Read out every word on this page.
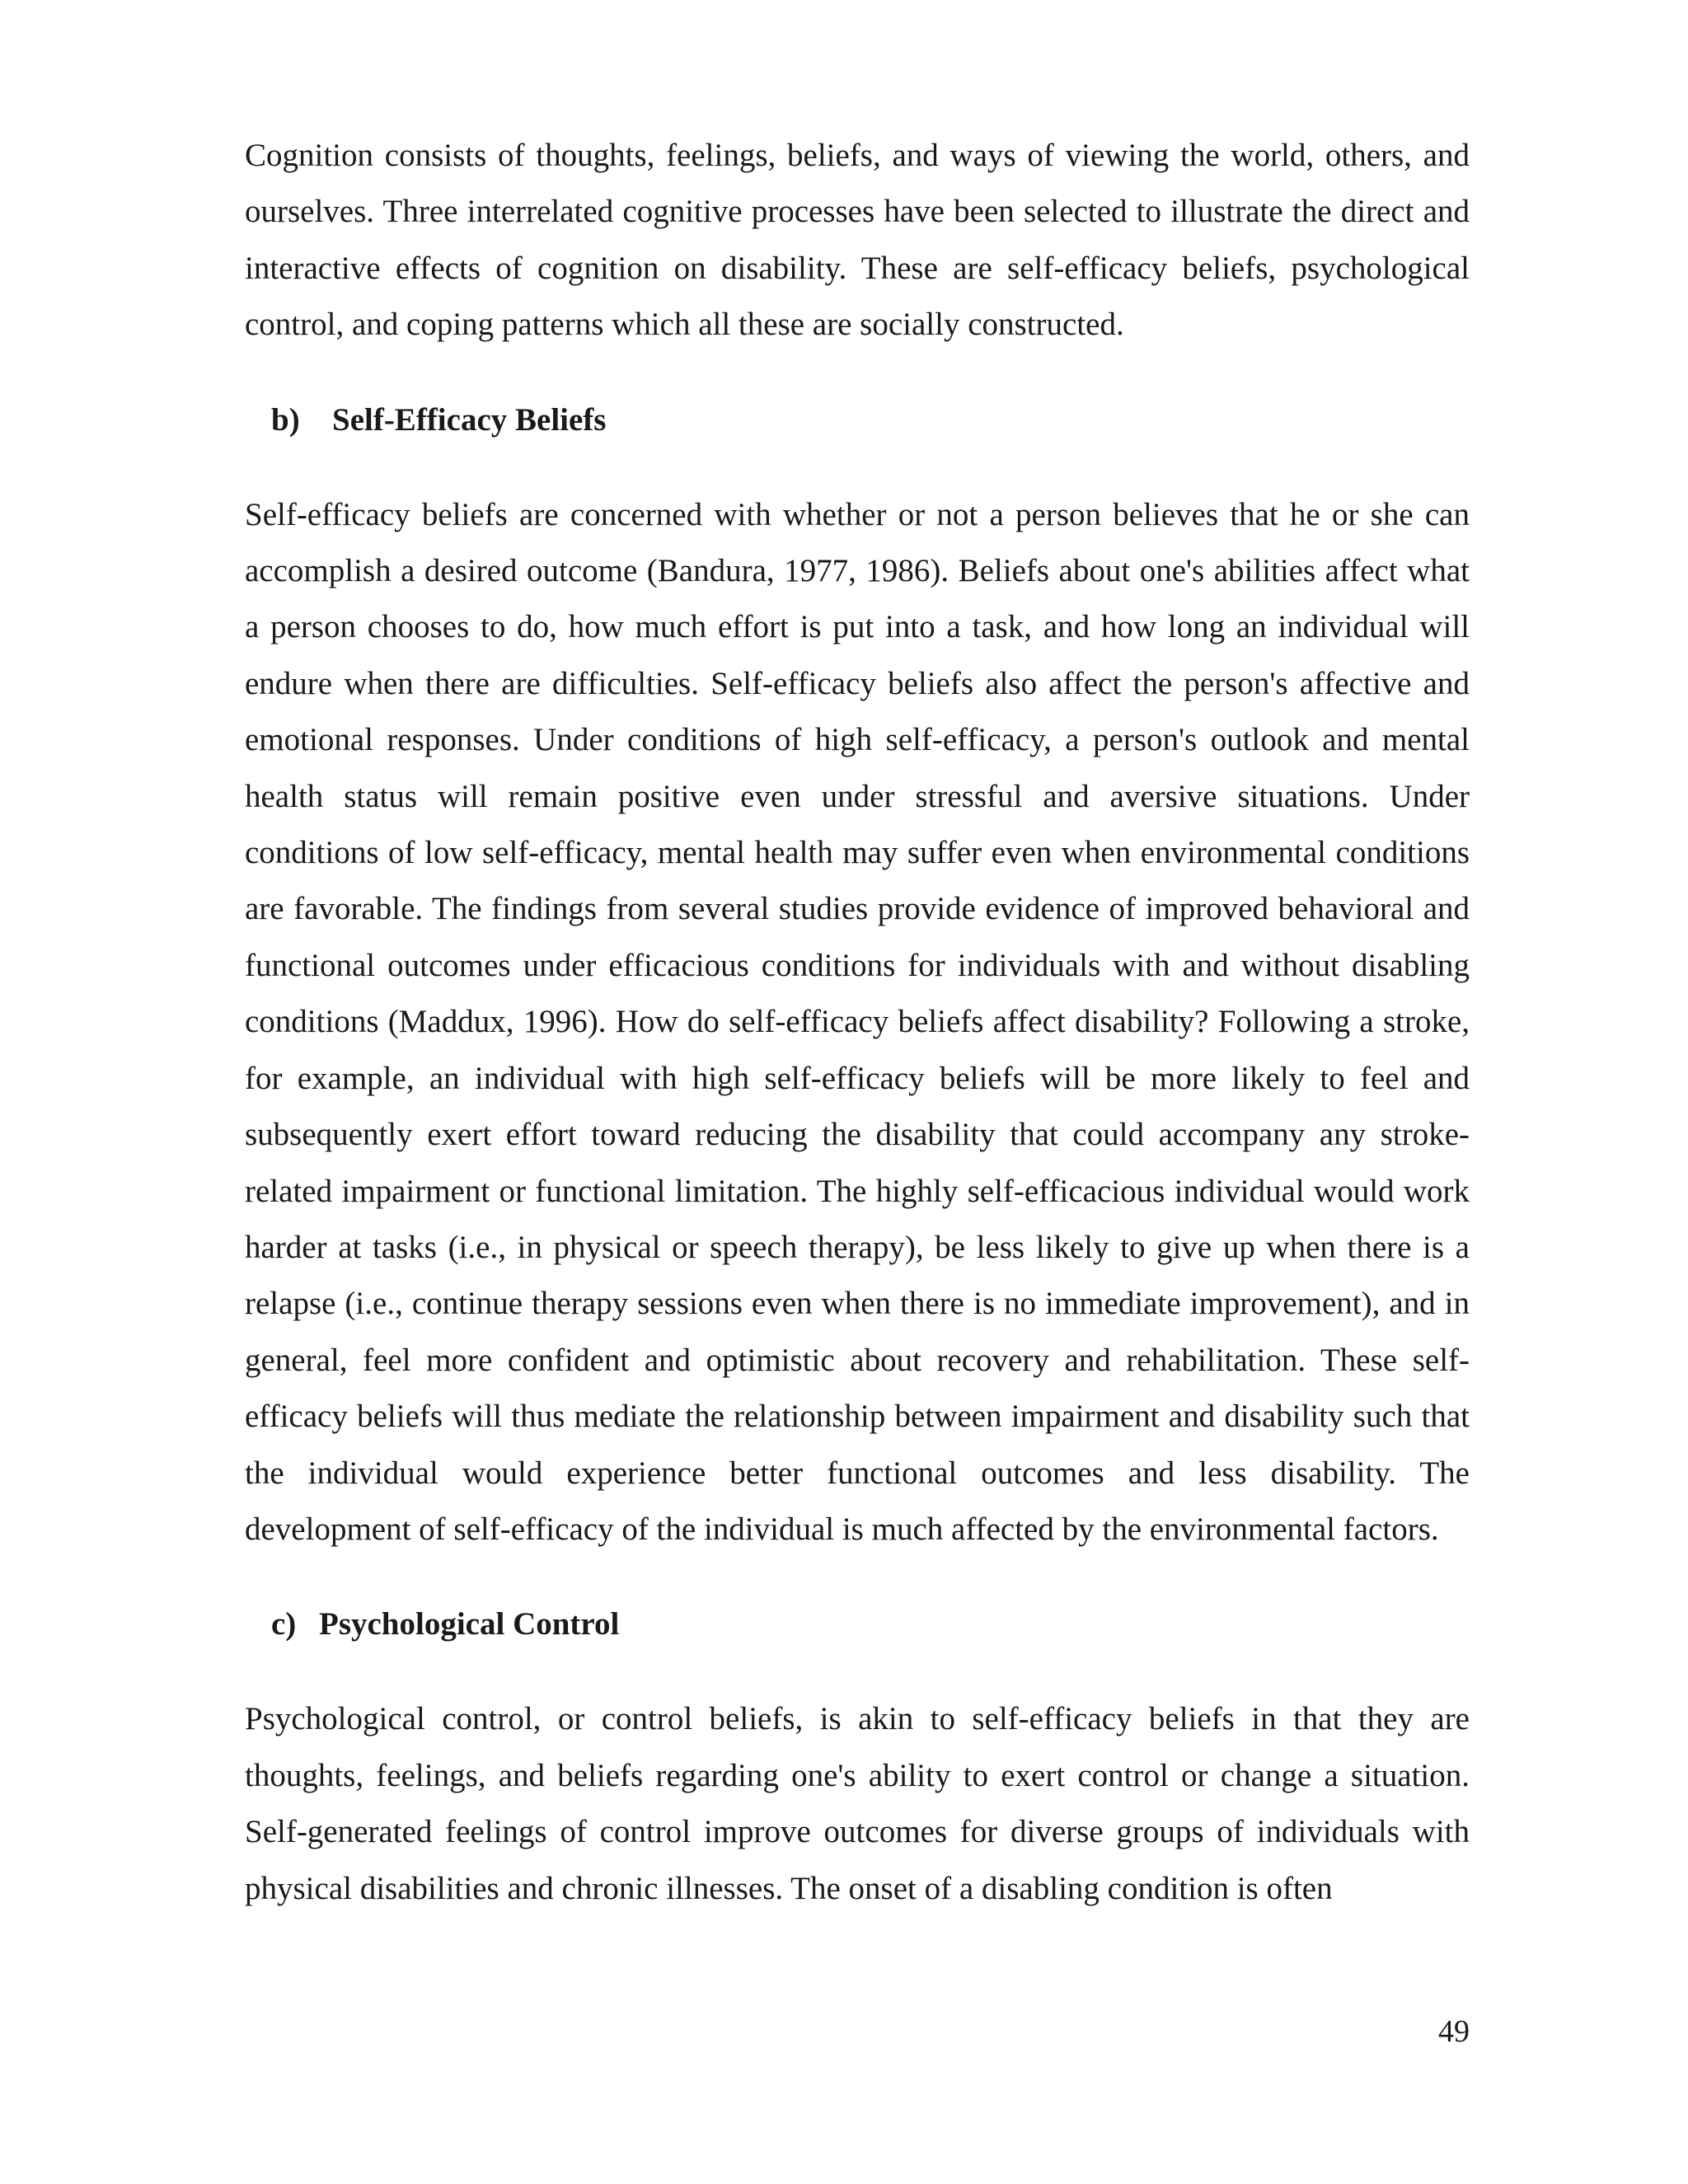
Cognition consists of thoughts, feelings, beliefs, and ways of viewing the world, others, and ourselves. Three interrelated cognitive processes have been selected to illustrate the direct and interactive effects of cognition on disability. These are self-efficacy beliefs, psychological control, and coping patterns which all these are socially constructed.

b)	Self-Efficacy Beliefs

Self-efficacy beliefs are concerned with whether or not a person believes that he or she can accomplish a desired outcome (Bandura, 1977, 1986). Beliefs about one's abilities affect what a person chooses to do, how much effort is put into a task, and how long an individual will endure when there are difficulties. Self-efficacy beliefs also affect the person's affective and emotional responses. Under conditions of high self-efficacy, a person's outlook and mental health status will remain positive even under stressful and aversive situations. Under conditions of low self-efficacy, mental health may suffer even when environmental conditions are favorable. The findings from several studies provide evidence of improved behavioral and functional outcomes under efficacious conditions for individuals with and without disabling conditions (Maddux, 1996). How do self-efficacy beliefs affect disability? Following a stroke, for example, an individual with high self-efficacy beliefs will be more likely to feel and subsequently exert effort toward reducing the disability that could accompany any stroke-related impairment or functional limitation. The highly self-efficacious individual would work harder at tasks (i.e., in physical or speech therapy), be less likely to give up when there is a relapse (i.e., continue therapy sessions even when there is no immediate improvement), and in general, feel more confident and optimistic about recovery and rehabilitation. These self-efficacy beliefs will thus mediate the relationship between impairment and disability such that the individual would experience better functional outcomes and less disability. The development of self-efficacy of the individual is much affected by the environmental factors.

c) Psychological Control

Psychological control, or control beliefs, is akin to self-efficacy beliefs in that they are thoughts, feelings, and beliefs regarding one's ability to exert control or change a situation. Self-generated feelings of control improve outcomes for diverse groups of individuals with physical disabilities and chronic illnesses. The onset of a disabling condition is often

49
